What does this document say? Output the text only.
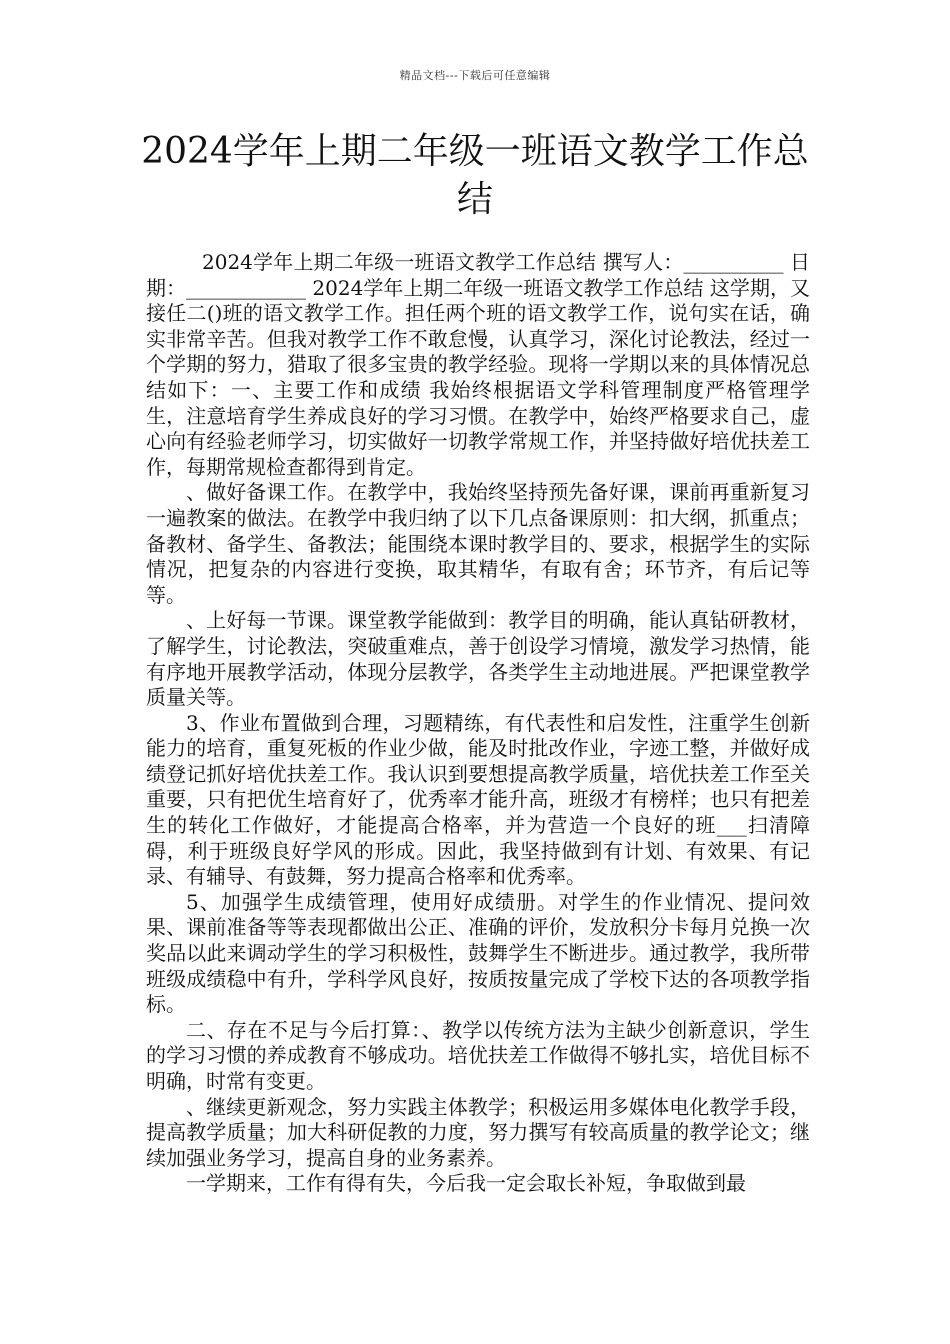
精品文档---下载后可任意编辑
2024学年上期二年级一班语文教学工作总结

2024学年上期二年级一班语文教学工作总结 撰写人：__________ 日 期：____________ 2024学年上期二年级一班语文教学工作总结 这学期，又接任二()班的语文教学工作。担任两个班的语文教学工作，说句实在话，确实非常辛苦。但我对教学工作不敢怠慢，认真学习，深化讨论教法，经过一个学期的努力，猎取了很多宝贵的教学经验。现将一学期以来的具体情况总结如下：一、主要工作和成绩 我始终根据语文学科管理制度严格管理学生，注意培育学生养成良好的学习习惯。在教学中，始终严格要求自己，虚心向有经验老师学习，切实做好一切教学常规工作，并坚持做好培优扶差工作，每期常规检查都得到肯定。

、做好备课工作。在教学中，我始终坚持预先备好课，课前再重新复习一遍教案的做法。在教学中我归纳了以下几点备课原则：扣大纲，抓重点；备教材、备学生、备教法；能围绕本课时教学目的、要求，根据学生的实际情况，把复杂的内容进行变换，取其精华，有取有舍；环节齐，有后记等等。

、上好每一节课。课堂教学能做到：教学目的明确，能认真钻研教材，了解学生，讨论教法，突破重难点，善于创设学习情境，激发学习热情，能有序地开展教学活动，体现分层教学，各类学生主动地进展。严把课堂教学质量关等。

3、作业布置做到合理，习题精练，有代表性和启发性，注重学生创新能力的培育，重复死板的作业少做，能及时批改作业，字迹工整，并做好成绩登记抓好培优扶差工作。我认识到要想提高教学质量，培优扶差工作至关重要，只有把优生培育好了，优秀率才能升高，班级才有榜样；也只有把差生的转化工作做好，才能提高合格率，并为营造一个良好的班___扫清障碍，利于班级良好学风的形成。因此，我坚持做到有计划、有效果、有记录、有辅导、有鼓舞，努力提高合格率和优秀率。

5、加强学生成绩管理，使用好成绩册。对学生的作业情况、提问效果、课前准备等等表现都做出公正、准确的评价，发放积分卡每月兑换一次奖品以此来调动学生的学习积极性，鼓舞学生不断进步。通过教学，我所带班级成绩稳中有升，学科学风良好，按质按量完成了学校下达的各项教学指标。

二、存在不足与今后打算：、教学以传统方法为主缺少创新意识，学生的学习习惯的养成教育不够成功。培优扶差工作做得不够扎实，培优目标不明确，时常有变更。

、继续更新观念，努力实践主体教学；积极运用多媒体电化教学手段，提高教学质量；加大科研促教的力度，努力撰写有较高质量的教学论文；继续加强业务学习，提高自身的业务素养。

一学期来，工作有得有失，今后我一定会取长补短，争取做到最
